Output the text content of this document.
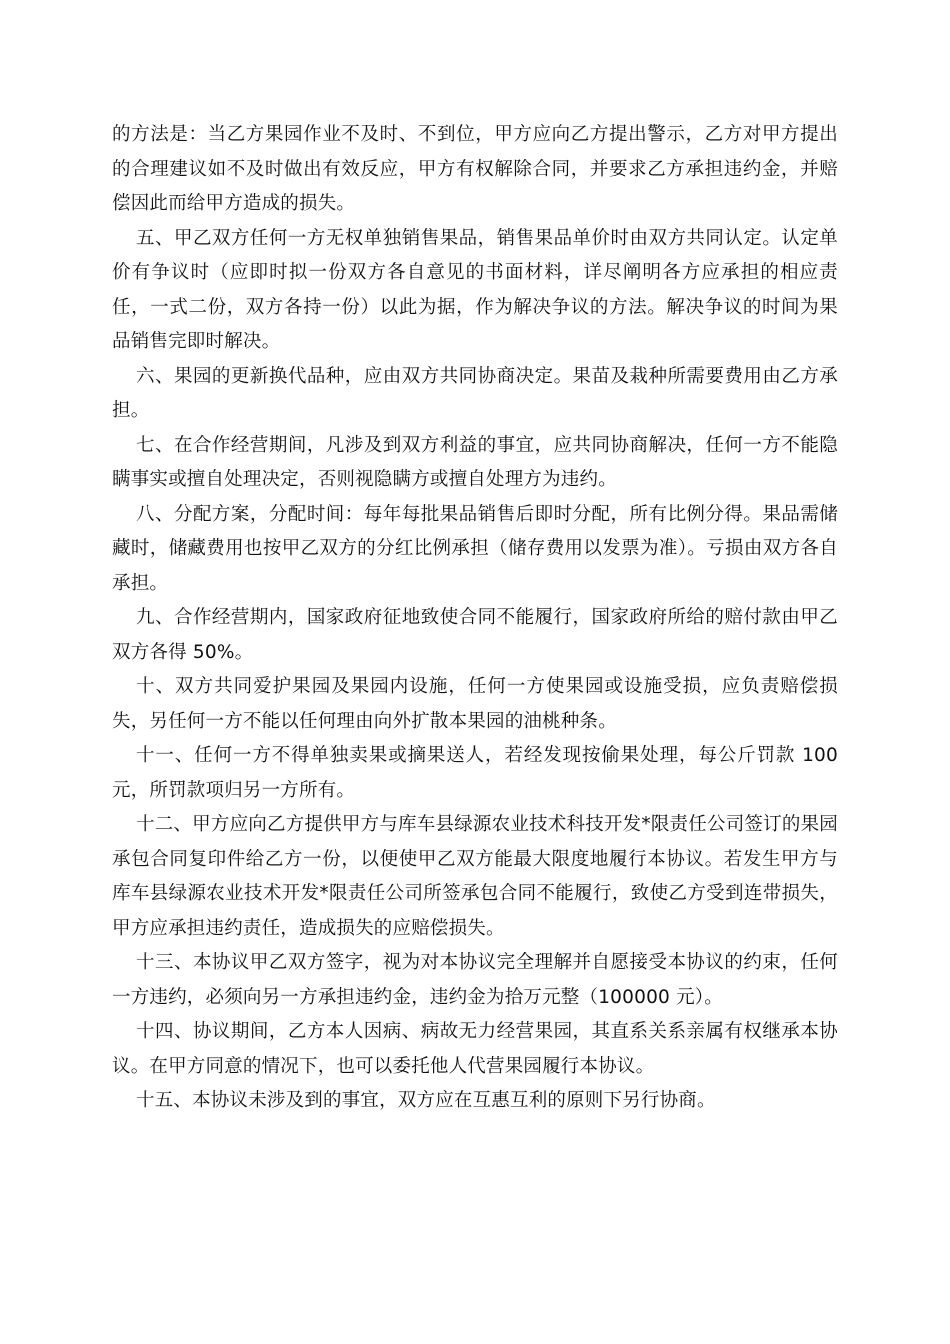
的方法是：当乙方果园作业不及时、不到位，甲方应向乙方提出警示，乙方对甲方提出的合理建议如不及时做出有效反应，甲方有权解除合同，并要求乙方承担违约金，并赔偿因此而给甲方造成的损失。

五、甲乙双方任何一方无权单独销售果品，销售果品单价时由双方共同认定。认定单价有争议时（应即时拟一份双方各自意见的书面材料，详尽阐明各方应承担的相应责任，一式二份，双方各持一份）以此为据，作为解决争议的方法。解决争议的时间为果品销售完即时解决。

六、果园的更新换代品种，应由双方共同协商决定。果苗及栽种所需要费用由乙方承担。

七、在合作经营期间，凡涉及到双方利益的事宜，应共同协商解决，任何一方不能隐瞒事实或擅自处理决定，否则视隐瞒方或擅自处理方为违约。

八、分配方案，分配时间：每年每批果品销售后即时分配，所有比例分得。果品需储藏时，储藏费用也按甲乙双方的分红比例承担（储存费用以发票为准）。亏损由双方各自承担。

九、合作经营期内，国家政府征地致使合同不能履行，国家政府所给的赔付款由甲乙双方各得 50%。

十、双方共同爱护果园及果园内设施，任何一方使果园或设施受损，应负责赔偿损失，另任何一方不能以任何理由向外扩散本果园的油桃种条。

十一、任何一方不得单独卖果或摘果送人，若经发现按偷果处理，每公斤罚款 100 元，所罚款项归另一方所有。

十二、甲方应向乙方提供甲方与库车县绿源农业技术科技开发*限责任公司签订的果园承包合同复印件给乙方一份，以便使甲乙双方能最大限度地履行本协议。若发生甲方与库车县绿源农业技术开发*限责任公司所签承包合同不能履行，致使乙方受到连带损失，甲方应承担违约责任，造成损失的应赔偿损失。

十三、本协议甲乙双方签字，视为对本协议完全理解并自愿接受本协议的约束，任何一方违约，必须向另一方承担违约金，违约金为拾万元整（100000 元）。

十四、协议期间，乙方本人因病、病故无力经营果园，其直系关系亲属有权继承本协议。在甲方同意的情况下，也可以委托他人代营果园履行本协议。

十五、本协议未涉及到的事宜，双方应在互惠互利的原则下另行协商。
